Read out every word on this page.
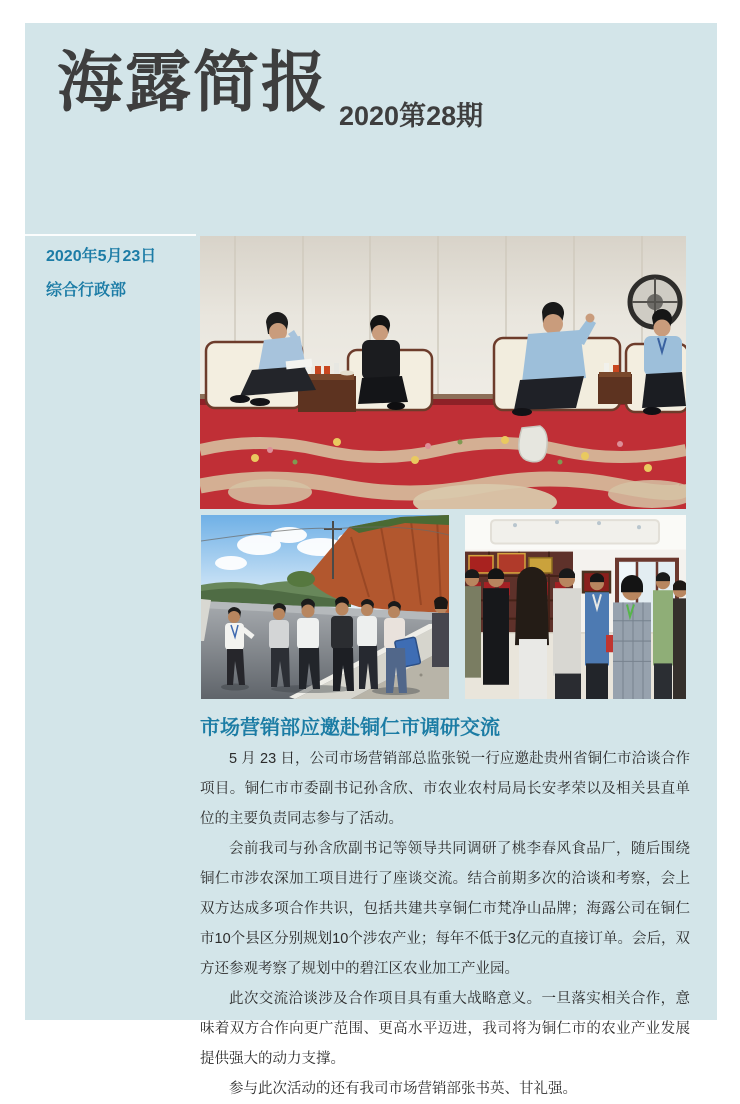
海露简报 2020第28期
2020年5月23日
综合行政部
市场营销部应邀赴铜仁市调研交流

5 月 23 日，公司市场营销部总监张锐一行应邀赴贵州省铜仁市洽谈合作项目。铜仁市市委副书记孙含欣、市农业农村局局长安孝荣以及相关县直单位的主要负责同志参与了活动。

会前我司与孙含欣副书记等领导共同调研了桃李春风食品厂，随后围绕铜仁市涉农深加工项目进行了座谈交流。结合前期多次的洽谈和考察，会上双方达成多项合作共识，包括共建共享铜仁市梵净山品牌；海露公司在铜仁市10个县区分别规划10个涉农产业；每年不低于3亿元的直接订单。会后，双方还参观考察了规划中的碧江区农业加工产业园。

此次交流洽谈涉及合作项目具有重大战略意义。一旦落实相关合作，意味着双方合作向更广范围、更高水平迈进，我司将为铜仁市的农业产业发展提供强大的动力支撑。

参与此次活动的还有我司市场营销部张书英、甘礼强。
